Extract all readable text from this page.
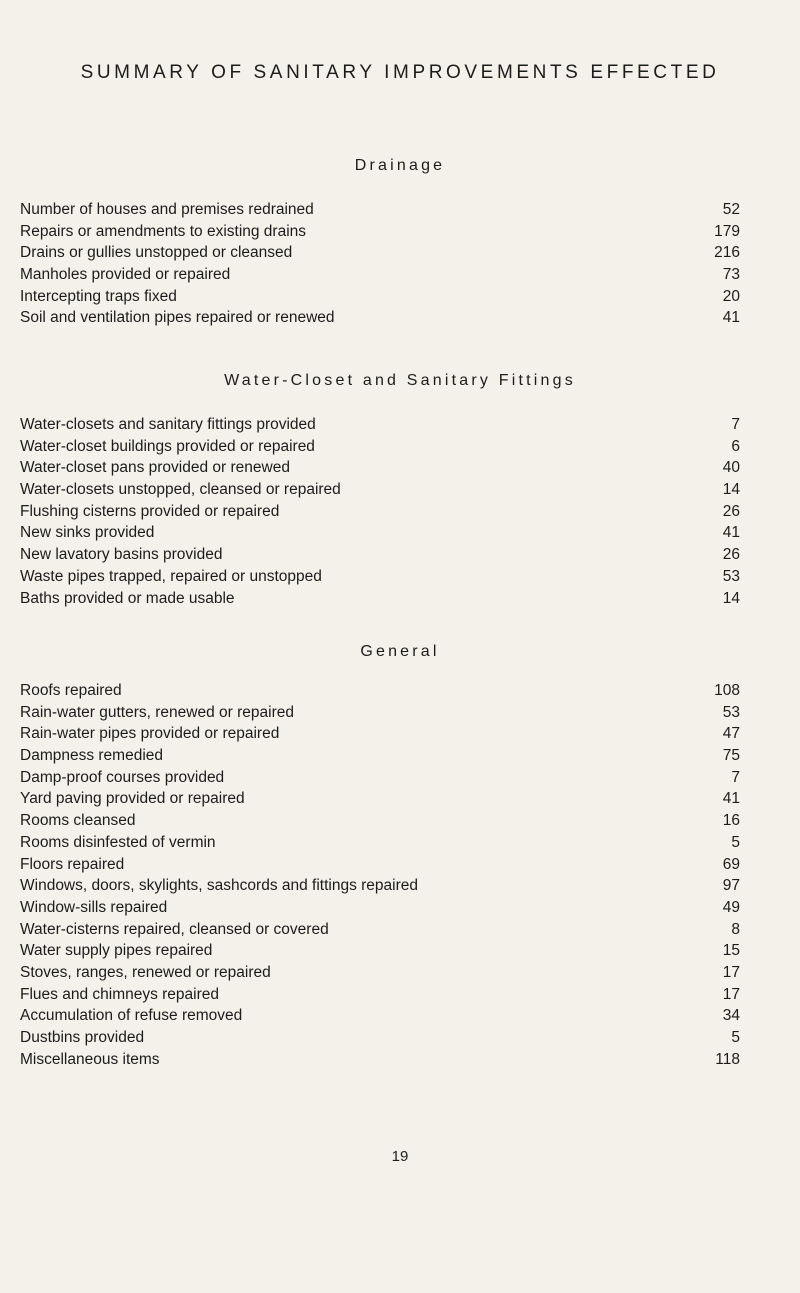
SUMMARY OF SANITARY IMPROVEMENTS EFFECTED
Drainage
Number of houses and premises redrained	52
Repairs or amendments to existing drains	179
Drains or gullies unstopped or cleansed	216
Manholes provided or repaired	73
Intercepting traps fixed	20
Soil and ventilation pipes repaired or renewed	41
Water-Closet and Sanitary Fittings
Water-closets and sanitary fittings provided	7
Water-closet buildings provided or repaired	6
Water-closet pans provided or renewed	40
Water-closets unstopped, cleansed or repaired	14
Flushing cisterns provided or repaired	26
New sinks provided	41
New lavatory basins provided	26
Waste pipes trapped, repaired or unstopped	53
Baths provided or made usable	14
General
Roofs repaired	108
Rain-water gutters, renewed or repaired	53
Rain-water pipes provided or repaired	47
Dampness remedied	75
Damp-proof courses provided	7
Yard paving provided or repaired	41
Rooms cleansed	16
Rooms disinfested of vermin	5
Floors repaired	69
Windows, doors, skylights, sashcords and fittings repaired	97
Window-sills repaired	49
Water-cisterns repaired, cleansed or covered	8
Water supply pipes repaired	15
Stoves, ranges, renewed or repaired	17
Flues and chimneys repaired	17
Accumulation of refuse removed	34
Dustbins provided	5
Miscellaneous items	118
19
